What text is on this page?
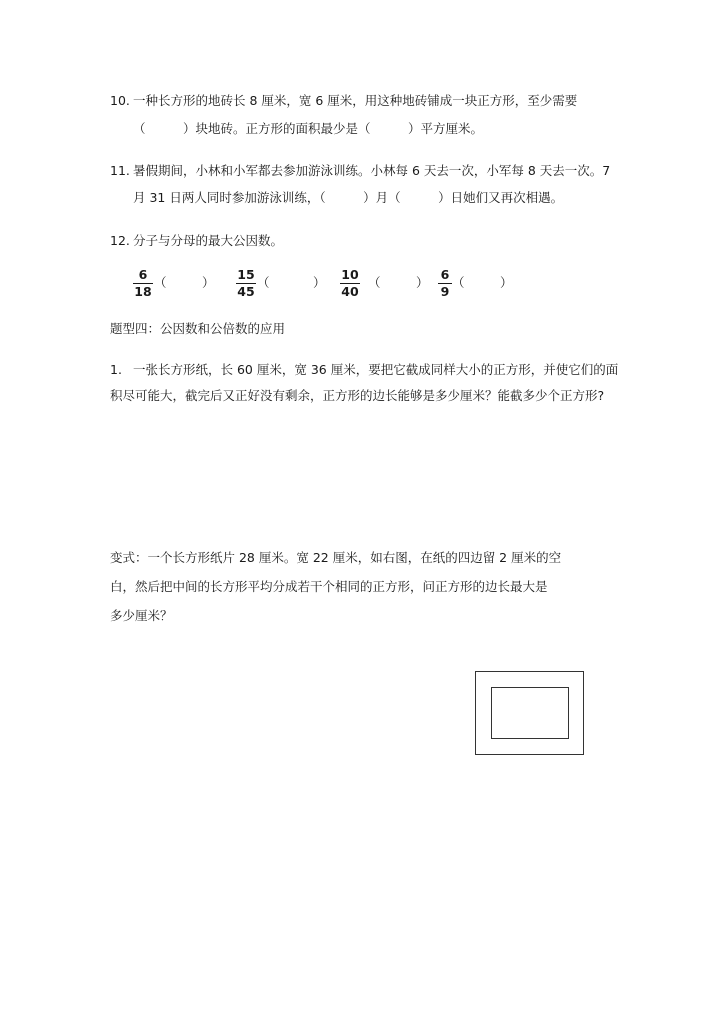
10. 一种长方形的地砖长 8 厘米，宽 6 厘米，用这种地砖铺成一块正方形，至少需要
（　　　）块地砖。正方形的面积最少是（　　　）平方厘米。
11. 暑假期间，小林和小军都去参加游泳训练。小林每 6 天去一次，小军每 8 天去一次。7
月 31 日两人同时参加游泳训练，（　　　）月（　　　）日她们又再次相遇。
12. 分子与分母的最大公因数。
6
18
（	）
15
45
（	）
10
40
（	）
6
9
（	）
题型四：公因数和公倍数的应用
1. 一张长方形纸，长 60 厘米，宽 36 厘米，要把它截成同样大小的正方形，并使它们的面
积尽可能大，截完后又正好没有剩余，正方形的边长能够是多少厘米？能截多少个正方形?
变式：一个长方形纸片 28 厘米。宽 22 厘米，如右图，在纸的四边留 2 厘米的空
白，然后把中间的长方形平均分成若干个相同的正方形，问正方形的边长最大是
多少厘米？
